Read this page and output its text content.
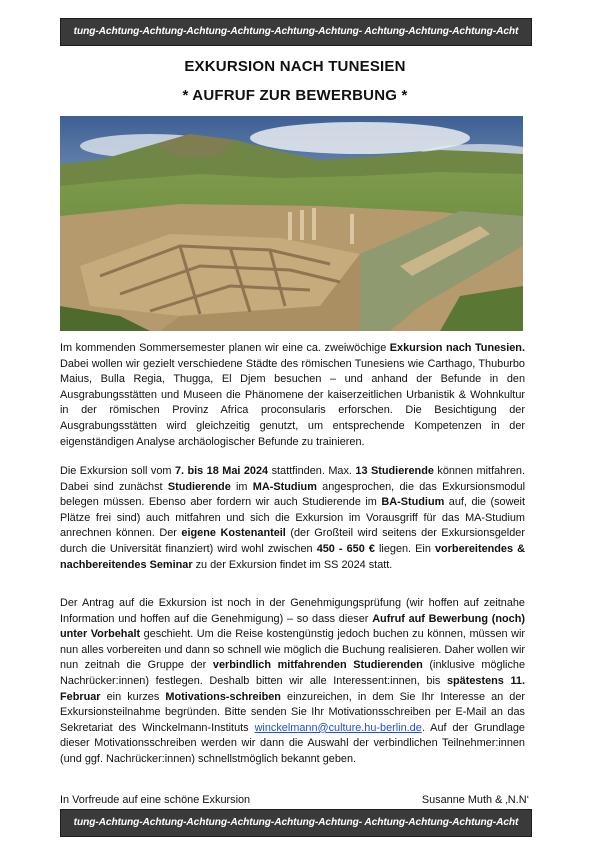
tung-Achtung-Achtung-Achtung-Achtung-Achtung-Achtung- Achtung-Achtung-Achtung-Acht
EXKURSION NACH TUNESIEN
* AUFRUF ZUR BEWERBUNG *

Im kommenden Sommersemester planen wir eine ca. zweiwöchige Exkursion nach Tunesien. Dabei wollen wir gezielt verschiedene Städte des römischen Tunesiens wie Carthago, Thuburbo Maius, Bulla Regia, Thugga, El Djem besuchen – und anhand der Befunde in den Ausgrabungsstätten und Museen die Phänomene der kaiserzeitlichen Urbanistik & Wohnkultur in der römischen Provinz Africa proconsularis erforschen. Die Besichtigung der Ausgrabungsstätten wird gleichzeitig genutzt, um entsprechende Kompetenzen in der eigenständigen Analyse archäologischer Befunde zu trainieren.

Die Exkursion soll vom 7. bis 18 Mai 2024 stattfinden. Max. 13 Studierende können mitfahren. Dabei sind zunächst Studierende im MA-Studium angesprochen, die das Exkursionsmodul belegen müssen. Ebenso aber fordern wir auch Studierende im BA-Studium auf, die (soweit Plätze frei sind) auch mitfahren und sich die Exkursion im Vorausgriff für das MA-Studium anrechnen können. Der eigene Kostenanteil (der Großteil wird seitens der Exkursionsgelder durch die Universität finanziert) wird wohl zwischen 450 - 650 € liegen. Ein vorbereitendes & nachbereitendes Seminar zu der Exkursion findet im SS 2024 statt.

Der Antrag auf die Exkursion ist noch in der Genehmigungsprüfung (wir hoffen auf zeitnahe Information und hoffen auf die Genehmigung) – so dass dieser Aufruf auf Bewerbung (noch) unter Vorbehalt geschieht. Um die Reise kostengünstig jedoch buchen zu können, müssen wir nun alles vorbereiten und dann so schnell wie möglich die Buchung realisieren. Daher wollen wir nun zeitnah die Gruppe der verbindlich mitfahrenden Studierenden (inklusive mögliche Nachrücker:innen) festlegen. Deshalb bitten wir alle Interessent:innen, bis spätestens 11. Februar ein kurzes Motivations-schreiben einzureichen, in dem Sie Ihr Interesse an der Exkursionsteilnahme begründen. Bitte senden Sie Ihr Motivationsschreiben per E-Mail an das Sekretariat des Winckelmann-Instituts winckelmann@culture.hu-berlin.de. Auf der Grundlage dieser Motivationsschreiben werden wir dann die Auswahl der verbindlichen Teilnehmer:innen (und ggf. Nachrücker:innen) schnellstmöglich bekannt geben.

In Vorfreude auf eine schöne Exkursion	Susanne Muth & ‚N.N‘
tung-Achtung-Achtung-Achtung-Achtung-Achtung-Achtung- Achtung-Achtung-Achtung-Acht
